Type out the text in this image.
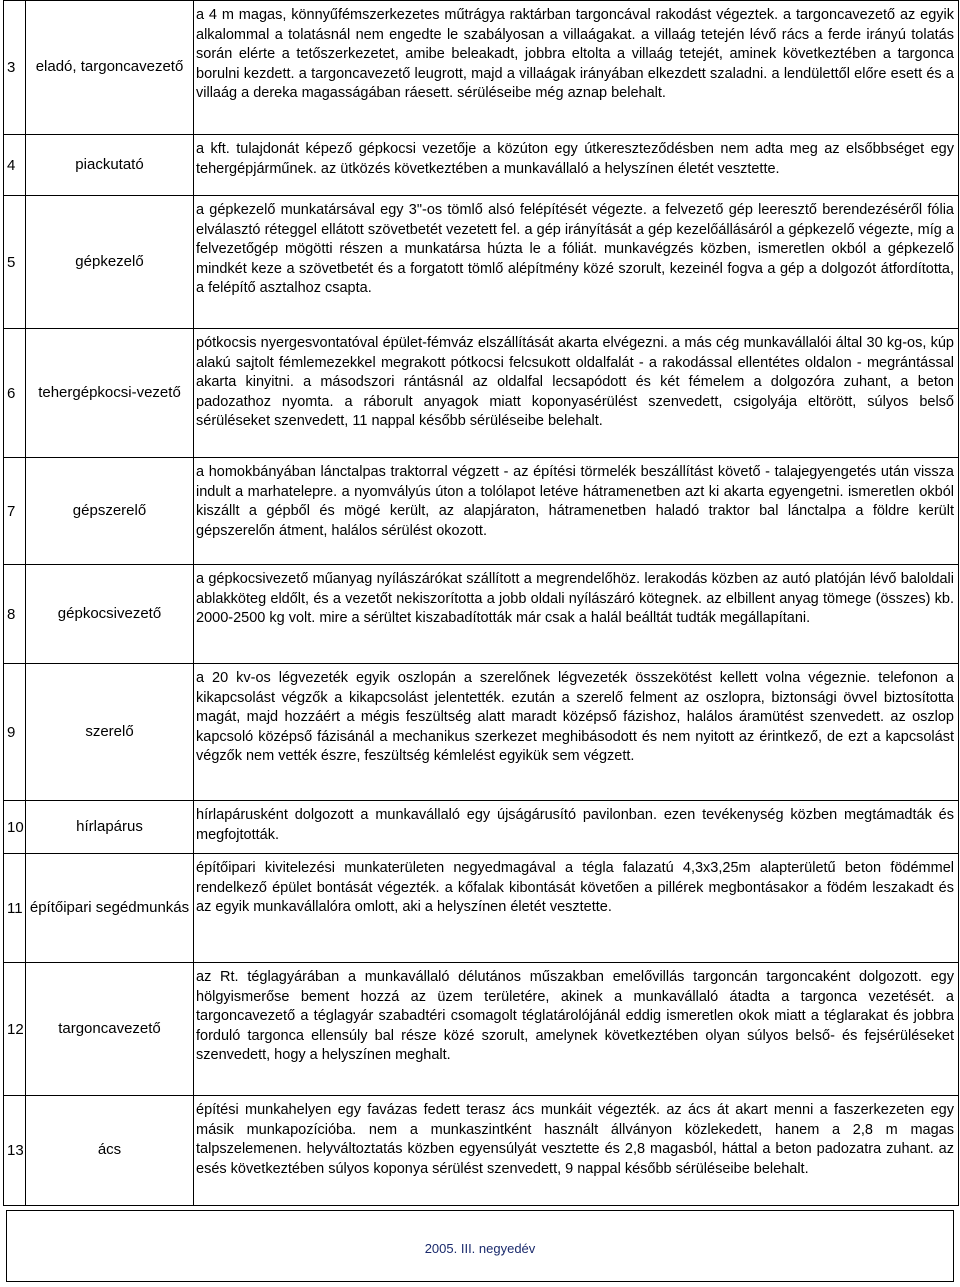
3	eladó, targoncavezető	a 4 m magas, könnyűfémszerkezetes műtrágya raktárban targoncával rakodást végeztek. a targoncavezető az egyik alkalommal a tolatásnál nem engedte le szabályosan a villaágakat. a villaág tetején lévő rács a ferde irányú tolatás során elérte a tetőszerkezetet, amibe beleakadt, jobbra eltolta a villaág tetejét, aminek következtében a targonca borulni kezdett. a targoncavezető leugrott, majd a villaágak irányában elkezdett szaladni. a lendülettől előre esett és a villaág a dereka magasságában ráesett. sérüléseibe még aznap belehalt.
4	piackutató	a kft. tulajdonát képező gépkocsi vezetője a közúton egy útkereszteződésben nem adta meg az elsőbbséget egy tehergépjárműnek. az ütközés következtében a munkavállaló a helyszínen életét vesztette.
5	gépkezelő	a gépkezelő munkatársával egy 3"-os tömlő alsó felépítését végezte. a felvezető gép leeresztő berendezéséről fólia elválasztó réteggel ellátott szövetbetét vezetett fel. a gép irányítását a gép kezelőállásáról a gépkezelő végezte, míg a felvezetőgép mögötti részen a munkatársa húzta le a fóliát. munkavégzés közben, ismeretlen okból a gépkezelő mindkét keze a szövetbetét és a forgatott tömlő alépítmény közé szorult, kezeinél fogva a gép a dolgozót átfordította, a felépítő asztalhoz csapta.
6	tehergépkocsi-vezető	pótkocsis nyergesvontatóval épület-fémváz elszállítását akarta elvégezni. a más cég munkavállalói által 30 kg-os, kúp alakú sajtolt fémlemezekkel megrakott pótkocsi felcsukott oldalfalát - a rakodással ellentétes oldalon - megrántással akarta kinyitni. a másodszori rántásnál az oldalfal lecsapódott és két fémelem a dolgozóra zuhant, a beton padozathoz nyomta. a ráborult anyagok miatt koponyasérülést szenvedett, csigolyája eltörött, súlyos belső sérüléseket szenvedett, 11 nappal később sérüléseibe belehalt.
7	gépszerelő	a homokbányában lánctalpas traktorral végzett - az építési törmelék beszállítást követő - talajegyengetés után vissza indult a marhatelepre. a nyomvályús úton a tolólapot letéve hátramenetben azt ki akarta egyengetni. ismeretlen okból kiszállt a gépből és mögé került, az alapjáraton, hátramenetben haladó traktor bal lánctalpa a földre került gépszerelőn átment, halálos sérülést okozott.
8	gépkocsivezető	a gépkocsivezető műanyag nyílászárókat szállított a megrendelőhöz. lerakodás közben az autó platóján lévő baloldali ablakköteg eldőlt, és a vezetőt nekiszorította a jobb oldali nyílászáró kötegnek. az elbillent anyag tömege (összes) kb. 2000-2500 kg volt. mire a sérültet kiszabadították már csak a halál beálltát tudták megállapítani.
9	szerelő	a 20 kv-os légvezeték egyik oszlopán a szerelőnek légvezeték összekötést kellett volna végeznie. telefonon a kikapcsolást végzők a kikapcsolást jelentették. ezután a szerelő felment az oszlopra, biztonsági övvel biztosította magát, majd hozzáért a mégis feszültség alatt maradt középső fázishoz, halálos áramütést szenvedett. az oszlop kapcsoló középső fázisánál a mechanikus szerkezet meghibásodott és nem nyitott az érintkező, de ezt a kapcsolást végzők nem vették észre, feszültség kémlelést egyikük sem végzett.
10	hírlapárus	hírlapárusként dolgozott a munkavállaló egy újságárusító pavilonban. ezen tevékenység közben megtámadták és megfojtották.
11	építőipari segédmunkás	építőipari kivitelezési munkaterületen negyedmagával a tégla falazatú 4,3x3,25m alapterületű beton födémmel rendelkező épület bontását végezték. a kőfalak kibontását követően a pillérek megbontásakor a födém leszakadt és az egyik munkavállalóra omlott, aki a helyszínen életét vesztette.
12	targoncavezető	az Rt. téglagyárában a munkavállaló délutános műszakban emelővillás targoncán targoncaként dolgozott. egy hölgyismerőse bement hozzá az üzem területére, akinek a munkavállaló átadta a targonca vezetését. a targoncavezető a téglagyár szabadtéri csomagolt téglatárolójánál eddig ismeretlen okok miatt a téglarakat és jobbra forduló targonca ellensúly bal része közé szorult, amelynek következtében olyan súlyos belső- és fejsérüléseket szenvedett, hogy a helyszínen meghalt.
13	ács	építési munkahelyen egy favázas fedett terasz ács munkáit végezték. az ács át akart menni a faszerkezeten egy másik munkapozícióba. nem a munkaszintként használt állványon közlekedett, hanem a 2,8 m magas talpszelemenen. helyváltoztatás közben egyensúlyát vesztette és 2,8 magasból, háttal a beton padozatra zuhant. az esés következtében súlyos koponya sérülést szenvedett, 9 nappal később sérüléseibe belehalt.
2005. III. negyedév
